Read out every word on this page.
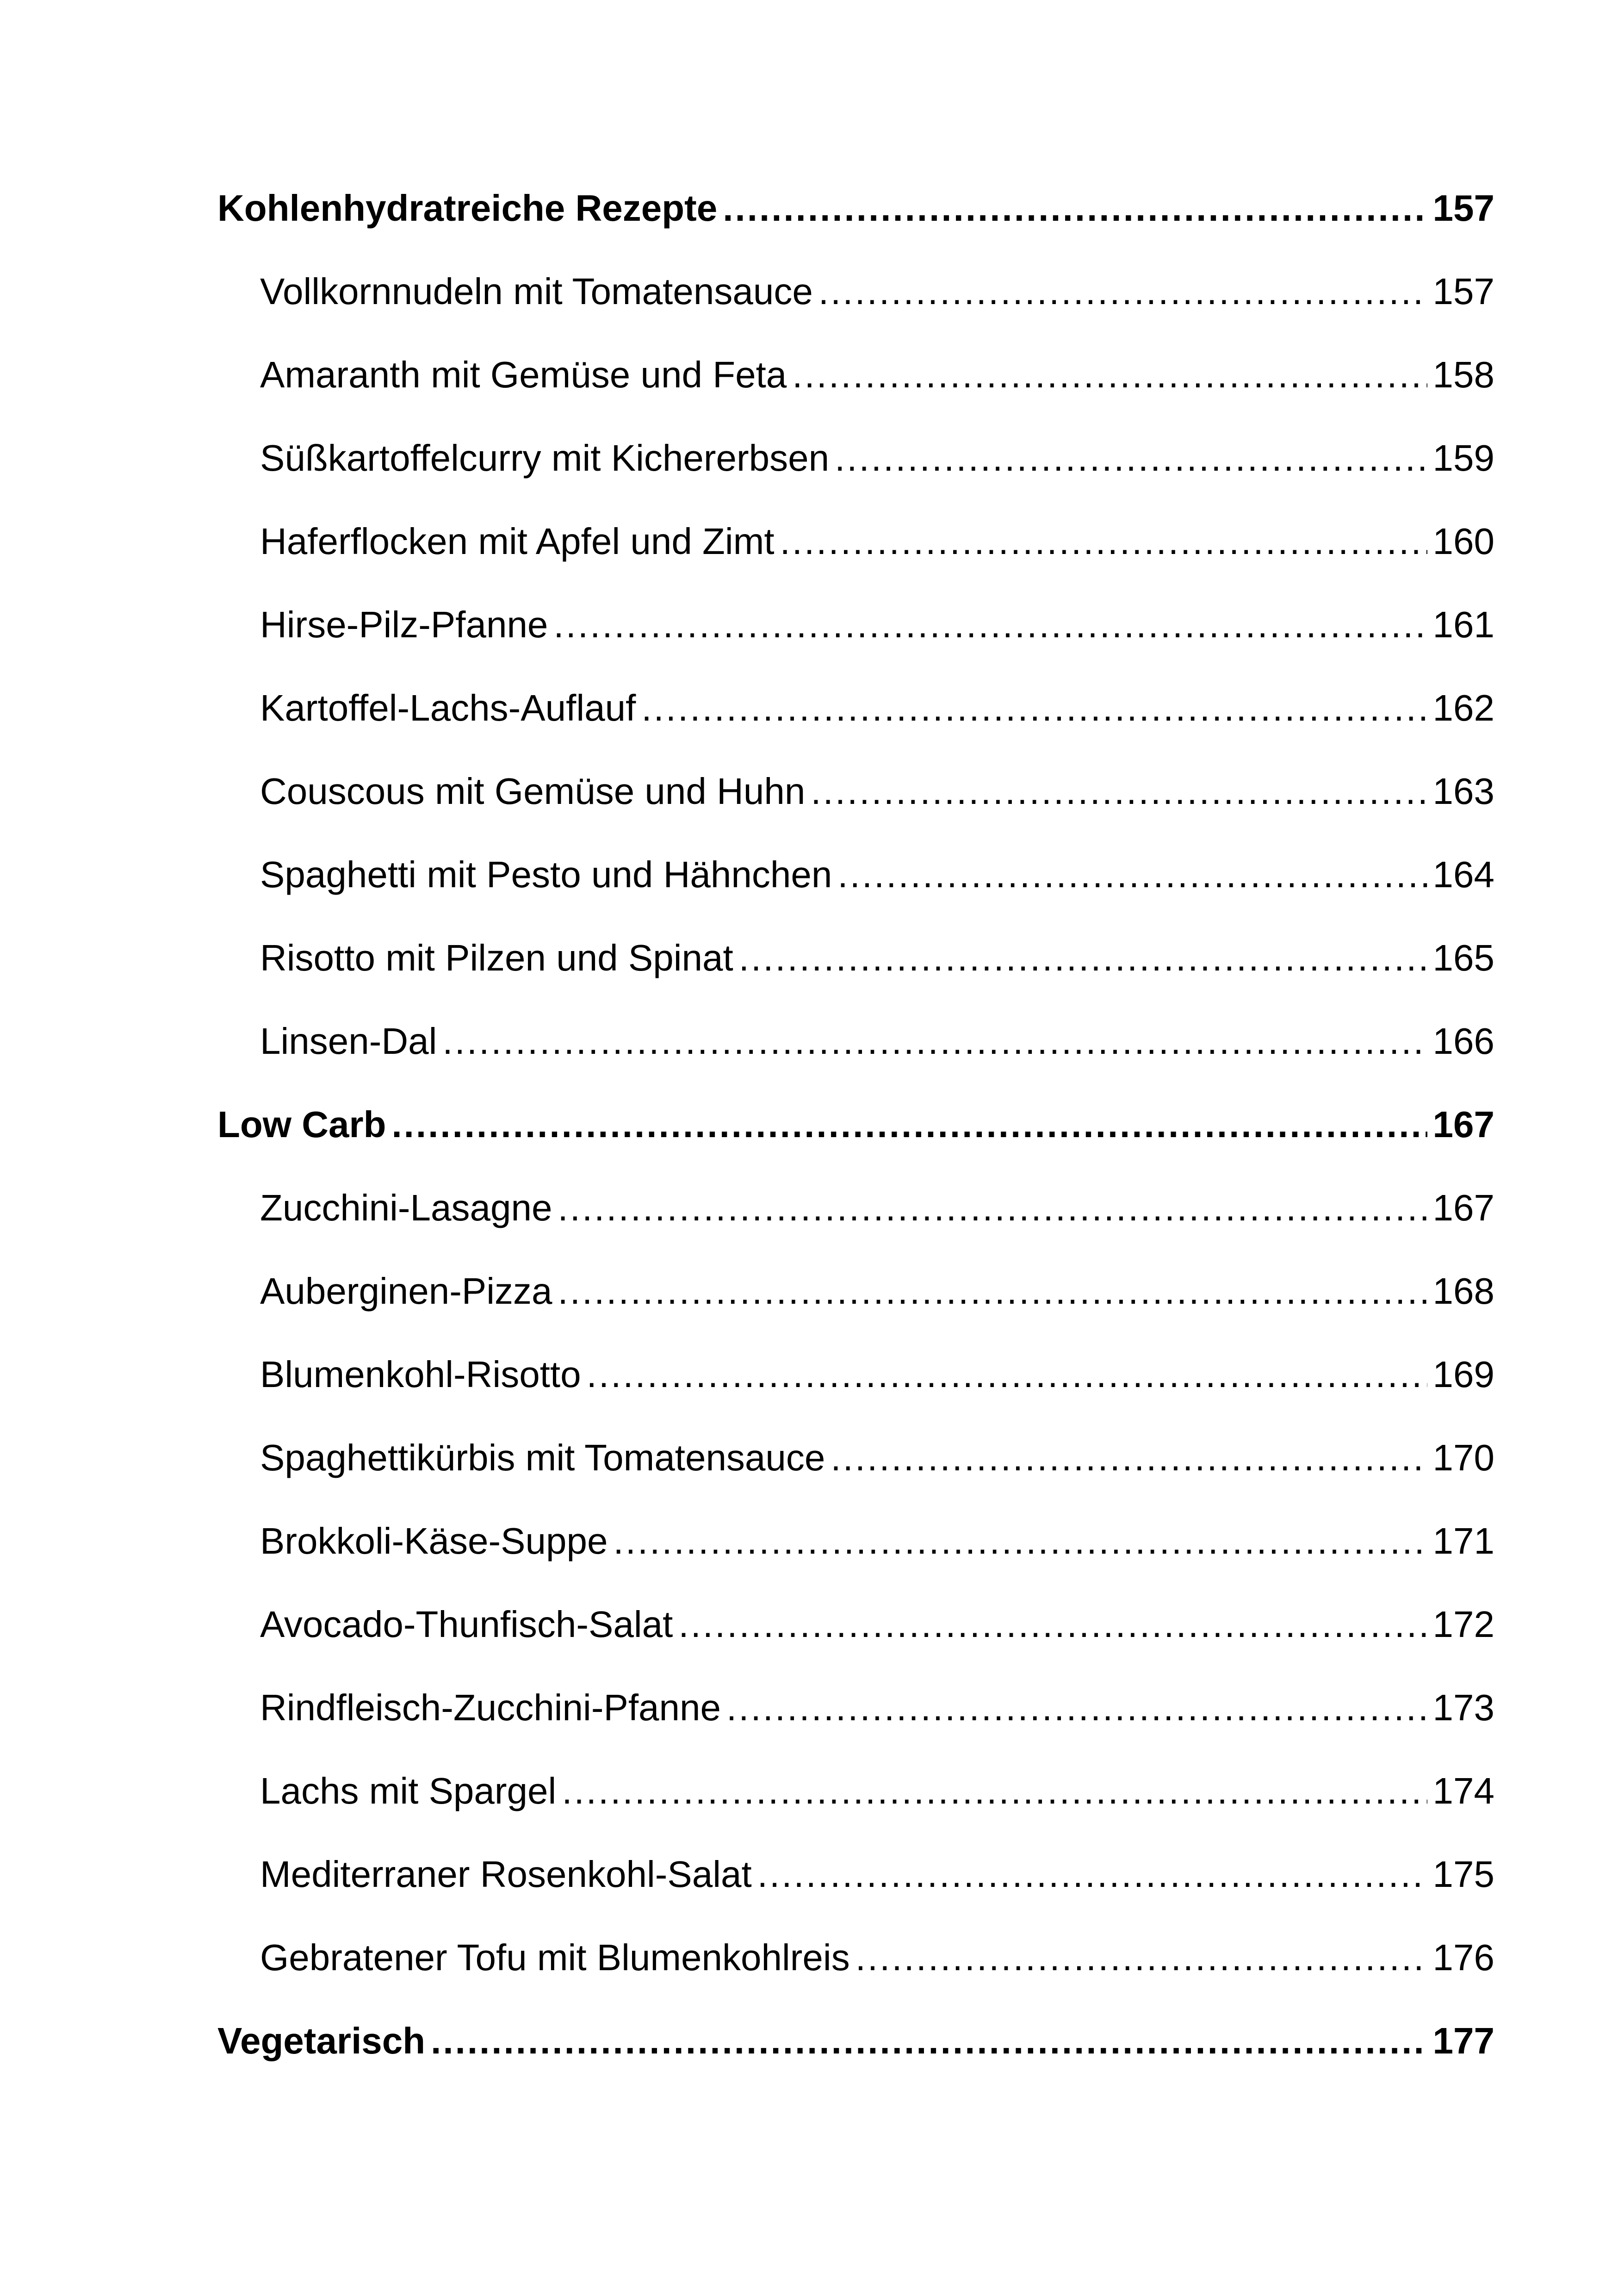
Kohlenhydratreiche Rezepte .....	157
Vollkornnudeln mit Tomatensauce .....	157
Amaranth mit Gemüse und Feta .....	158
Süßkartoffelcurry mit Kichererbsen .....	159
Haferflocken mit Apfel und Zimt .....	160
Hirse-Pilz-Pfanne .....	161
Kartoffel-Lachs-Auflauf .....	162
Couscous mit Gemüse und Huhn .....	163
Spaghetti mit Pesto und Hähnchen .....	164
Risotto mit Pilzen und Spinat .....	165
Linsen-Dal .....	166
Low Carb .....	167
Zucchini-Lasagne .....	167
Auberginen-Pizza .....	168
Blumenkohl-Risotto .....	169
Spaghettikürbis mit Tomatensauce .....	170
Brokkoli-Käse-Suppe .....	171
Avocado-Thunfisch-Salat .....	172
Rindfleisch-Zucchini-Pfanne .....	173
Lachs mit Spargel .....	174
Mediterraner Rosenkohl-Salat .....	175
Gebratener Tofu mit Blumenkohlreis .....	176
Vegetarisch .....	177
